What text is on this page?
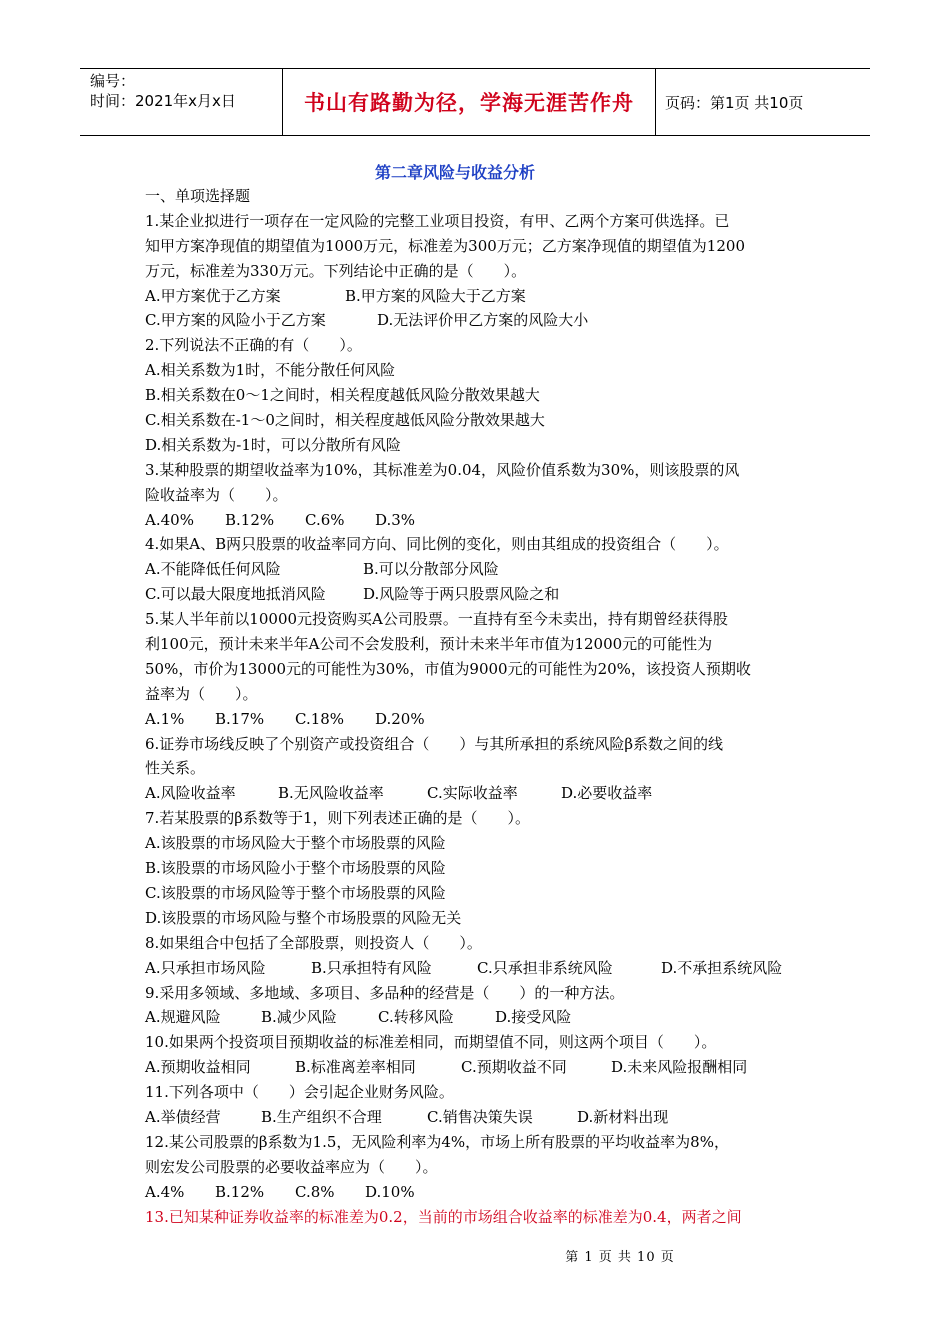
编号：
时间：2021年x月x日	书山有路勤为径，学海无涯苦作舟	页码：第1页 共10页
第二章风险与收益分析
一、单项选择题
1.某企业拟进行一项存在一定风险的完整工业项目投资，有甲、乙两个方案可供选择。已
知甲方案净现值的期望值为1000万元，标准差为300万元；乙方案净现值的期望值为1200
万元，标准差为330万元。下列结论中正确的是（　　）。
A.甲方案优于乙方案	B.甲方案的风险大于乙方案
C.甲方案的风险小于乙方案	D.无法评价甲乙方案的风险大小
2.下列说法不正确的有（　　）。
A.相关系数为1时，不能分散任何风险
B.相关系数在0～1之间时，相关程度越低风险分散效果越大
C.相关系数在-1～0之间时，相关程度越低风险分散效果越大
D.相关系数为-1时，可以分散所有风险
3.某种股票的期望收益率为10%，其标准差为0.04，风险价值系数为30%，则该股票的风
险收益率为（　　）。
A.40% B.12% C.6% D.3%
4.如果A、B两只股票的收益率同方向、同比例的变化，则由其组成的投资组合（　　）。
A.不能降低任何风险	B.可以分散部分风险
C.可以最大限度地抵消风险 D.风险等于两只股票风险之和
5.某人半年前以10000元投资购买A公司股票。一直持有至今未卖出，持有期曾经获得股
利100元，预计未来半年A公司不会发股利，预计未来半年市值为12000元的可能性为
50%，市价为13000元的可能性为30%，市值为9000元的可能性为20%，该投资人预期收
益率为（　　）。
A.1% B.17% C.18% D.20%
6.证券市场线反映了个别资产或投资组合（　　）与其所承担的系统风险β系数之间的线
性关系。
A.风险收益率	B.无风险收益率	C.实际收益率	D.必要收益率
7.若某股票的β系数等于1，则下列表述正确的是（　　）。
A.该股票的市场风险大于整个市场股票的风险
B.该股票的市场风险小于整个市场股票的风险
C.该股票的市场风险等于整个市场股票的风险
D.该股票的市场风险与整个市场股票的风险无关
8.如果组合中包括了全部股票，则投资人（　　）。
A.只承担市场风险	B.只承担特有风险	C.只承担非系统风险	D.不承担系统风险
9.采用多领域、多地域、多项目、多品种的经营是（　　）的一种方法。
A.规避风险	B.减少风险	C.转移风险	D.接受风险
10.如果两个投资项目预期收益的标准差相同，而期望值不同，则这两个项目（　　）。
A.预期收益相同	B.标准离差率相同	C.预期收益不同	D.未来风险报酬相同
11.下列各项中（　　）会引起企业财务风险。
A.举债经营	B.生产组织不合理	C.销售决策失误	D.新材料出现
12.某公司股票的β系数为1.5，无风险利率为4%，市场上所有股票的平均收益率为8%，
则宏发公司股票的必要收益率应为（　　）。
A.4% B.12% C.8% D.10%
13.已知某种证券收益率的标准差为0.2，当前的市场组合收益率的标准差为0.4，两者之间
第 1 页 共 10 页
